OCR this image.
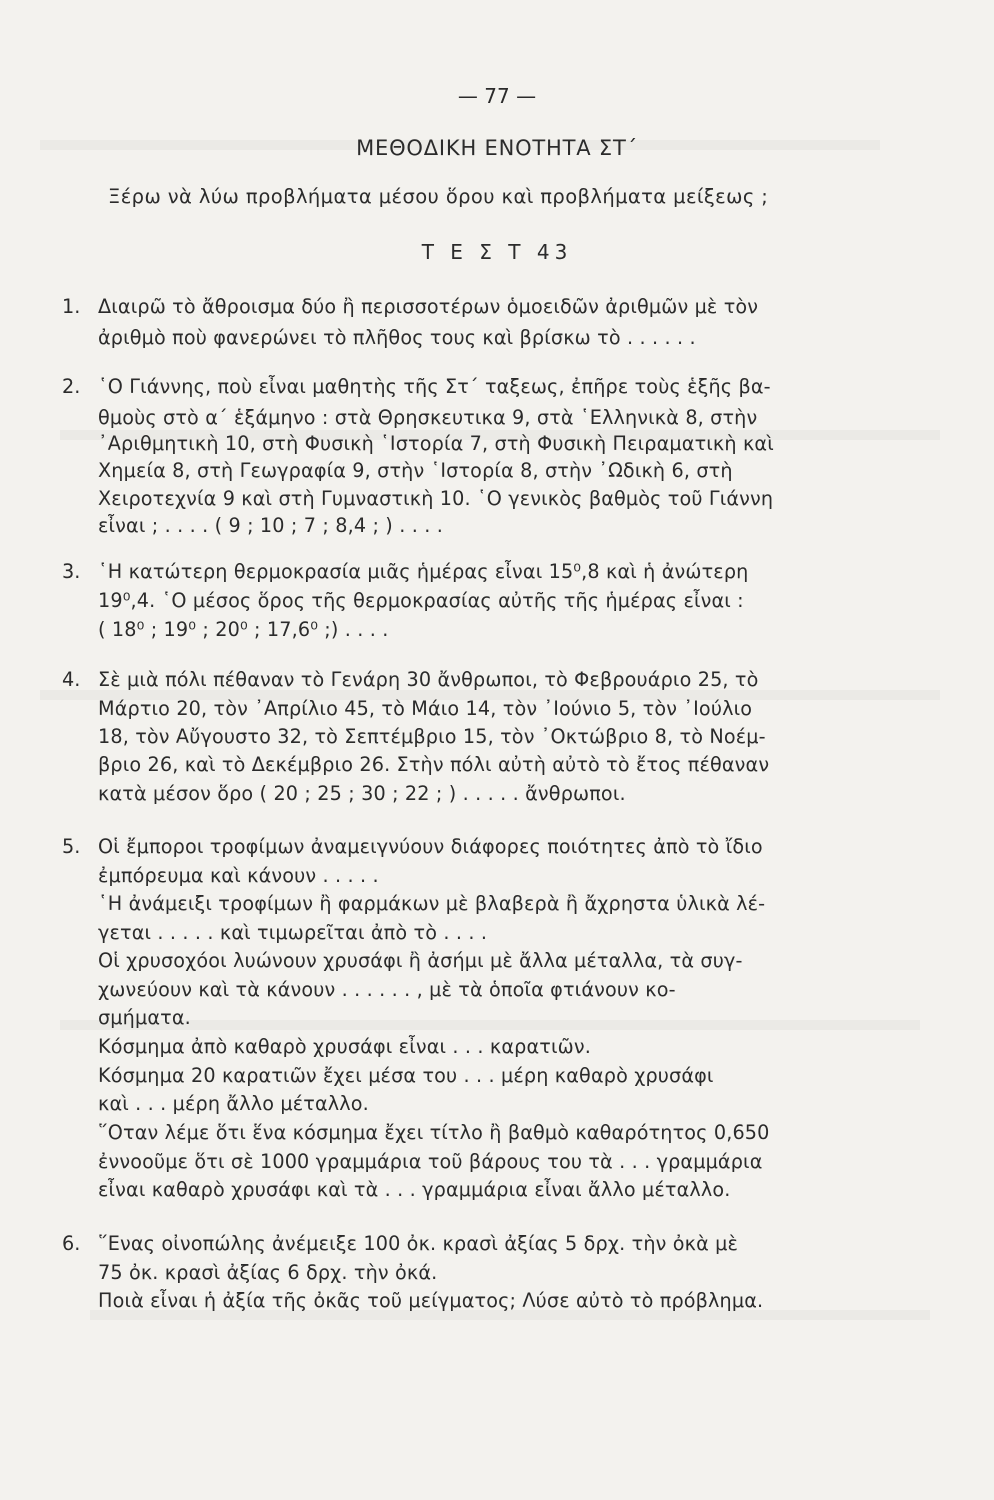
— 77 —
ΜΕΘΟΔΙΚΗ ΕΝΟΤΗΤΑ ΣΤ΄
Ξέρω νὰ λύω προβλήματα μέσου ὅρου καὶ προβλήματα μείξεως ;
Τ Ε Σ Τ 43
1. Διαιρῶ τὸ ἄθροισμα δύο ἢ περισσοτέρων ὁμοειδῶν ἀριθμῶν μὲ τὸν
ἀριθμὸ ποὺ φανερώνει τὸ πλῆθος τους καὶ βρίσκω τὸ . . . . . .
2. ῾Ο Γιάννης, ποὺ εἶναι μαθητὴς τῆς Στ΄ ταξεως, ἐπῆρε τοὺς ἑξῆς βα-
θμοὺς στὸ α΄ ἑξάμηνο : στὰ Θρησκευτικα 9, στὰ ῾Ελληνικὰ 8, στὴν
᾿Αριθμητικὴ 10, στὴ Φυσικὴ ῾Ιστορία 7, στὴ Φυσικὴ Πειραματικὴ καὶ
Χημεία 8, στὴ Γεωγραφία 9, στὴν ῾Ιστορία 8, στὴν ᾿Ωδικὴ 6, στὴ
Χειροτεχνία 9 καὶ στὴ Γυμναστικὴ 10. ῾Ο γενικὸς βαθμὸς τοῦ Γιάννη
εἶναι ; . . . . ( 9 ; 10 ; 7 ; 8,4 ; ) . . . .
3. ῾Η κατώτερη θερμοκρασία μιᾶς ἡμέρας εἶναι 15⁰,8 καὶ ἡ ἀνώτερη
19⁰,4. ῾Ο μέσος ὅρος τῆς θερμοκρασίας αὐτῆς τῆς ἡμέρας εἶναι :
( 18⁰ ; 19⁰ ; 20⁰ ; 17,6⁰ ;) . . . .
4. Σὲ μιὰ πόλι πέθαναν τὸ Γενάρη 30 ἄνθρωποι, τὸ Φεβρουάριο 25, τὸ
Μάρτιο 20, τὸν ᾿Απρίλιο 45, τὸ Μάιο 14, τὸν ᾿Ιούνιο 5, τὸν ᾿Ιούλιο
18, τὸν Αὔγουστο 32, τὸ Σεπτέμβριο 15, τὸν ᾿Οκτώβριο 8, τὸ Νοέμ-
βριο 26, καὶ τὸ Δεκέμβριο 26. Στὴν πόλι αὐτὴ αὐτὸ τὸ ἔτος πέθαναν
κατὰ μέσον ὅρο ( 20 ; 25 ; 30 ; 22 ; ) . . . . . ἄνθρωποι.
5. Οἱ ἔμποροι τροφίμων ἀναμειγνύουν διάφορες ποιότητες ἀπὸ τὸ ἴδιο
ἐμπόρευμα καὶ κάνουν . . . . .
῾Η ἀνάμειξι τροφίμων ἢ φαρμάκων μὲ βλαβερὰ ἢ ἄχρηστα ὑλικὰ λέ-
γεται . . . . . καὶ τιμωρεῖται ἀπὸ τὸ . . . .
Οἱ χρυσοχόοι λυώνουν χρυσάφι ἢ ἀσήμι μὲ ἄλλα μέταλλα, τὰ συγ-
χωνεύουν καὶ τὰ κάνουν . . . . . . , μὲ τὰ ὁποῖα φτιάνουν κο-
σμήματα.
Κόσμημα ἀπὸ καθαρὸ χρυσάφι εἶναι . . . καρατιῶν.
Κόσμημα 20 καρατιῶν ἔχει μέσα του . . . μέρη καθαρὸ χρυσάφι
καὶ . . . μέρη ἄλλο μέταλλο.
῞Οταν λέμε ὅτι ἕνα κόσμημα ἔχει τίτλο ἢ βαθμὸ καθαρότητος 0,650
ἐννοοῦμε ὅτι σὲ 1000 γραμμάρια τοῦ βάρους του τὰ . . . γραμμάρια
εἶναι καθαρὸ χρυσάφι καὶ τὰ . . . γραμμάρια εἶναι ἄλλο μέταλλο.
6. ῞Ενας οἰνοπώλης ἀνέμειξε 100 ὀκ. κρασὶ ἀξίας 5 δρχ. τὴν ὀκὰ μὲ
75 ὀκ. κρασὶ ἀξίας 6 δρχ. τὴν ὀκά.
Ποιὰ εἶναι ἡ ἀξία τῆς ὀκᾶς τοῦ μείγματος; Λύσε αὐτὸ τὸ πρόβλημα.
